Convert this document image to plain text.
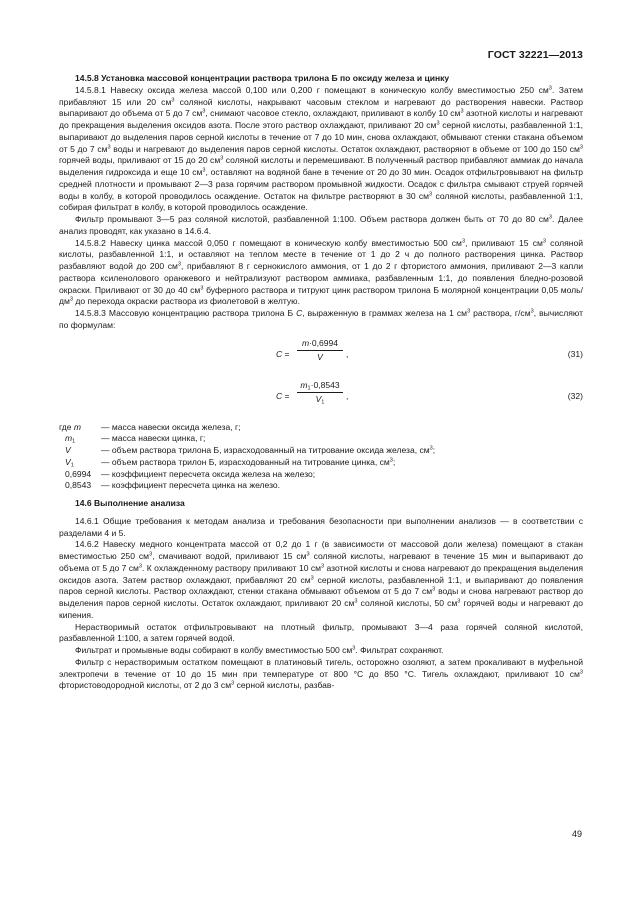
ГОСТ 32221—2013

14.5.8 Установка массовой концентрации раствора трилона Б по оксиду железа и цинку

14.5.8.1 Навеску оксида железа массой 0,100 или 0,200 г помещают в коническую колбу вместимостью 250 $см^3$. Затем прибавляют 15 или 20 $см^3$ соляной кислоты, накрывают часовым стеклом и нагревают до растворения навески. Раствор выпаривают до объема от 5 до 7 $см^3$, снимают часовое стекло, охлаждают, приливают в колбу 10 $см^3$ азотной кислоты и нагревают до прекращения выделения оксидов азота. После этого раствор охлаждают, приливают 20 $см^3$ серной кислоты, разбавленной 1:1, выпаривают до выделения паров серной кислоты в течение от 7 до 10 мин, снова охлаждают, обмывают стенки стакана объемом от 5 до 7 $см^3$ воды и нагревают до выделения паров серной кислоты. Остаток охлаждают, растворяют в объеме от 100 до 150 $см^3$ горячей воды, приливают от 15 до 20 $см^3$ соляной кислоты и перемешивают. В полученный раствор прибавляют аммиак до начала выделения гидроксида и еще 10 $см^3$, оставляют на водяной бане в течение от 20 до 30 мин. Осадок отфильтровывают на фильтр средней плотности и промывают 2—3 раза горячим раствором промывной жидкости. Осадок с фильтра смывают струей горячей воды в колбу, в которой проводилось осаждение. Остаток на фильтре растворяют в 30 $см^3$ соляной кислоты, разбавленной 1:1, собирая фильтрат в колбу, в которой проводилось осаждение.

Фильтр промывают 3—5 раз соляной кислотой, разбавленной 1:100. Объем раствора должен быть от 70 до 80 $см^3$. Далее анализ проводят, как указано в 14.6.4.

14.5.8.2 Навеску цинка массой 0,050 г помещают в коническую колбу вместимостью 500 $см^3$, приливают 15 $см^3$ соляной кислоты, разбавленной 1:1, и оставляют на теплом месте в течение от 1 до 2 ч до полного растворения цинка. Раствор разбавляют водой до 200 $см^3$, прибавляют 8 г сернокислого аммония, от 1 до 2 г фтористого аммония, приливают 2—3 капли раствора ксиленолового оранжевого и нейтрализуют раствором аммиака, разбавленным 1:1, до появления бледно-розовой окраски. Приливают от 30 до 40 $см^3$ буферного раствора и титруют цинк раствором трилона Б молярной концентрации 0,05 моль/$дм^3$ до перехода окраски раствора из фиолетовой в желтую.

14.5.8.3 Массовую концентрацию раствора трилона Б С, выраженную в граммах железа на 1 $см^3$ раствора, $г/см^3$, вычисляют по формулам:

$С = \frac{m\cdot 0,6994}{V}$ ,	(31)
$С = \frac{m_1\cdot 0,8543}{V_1}$ ,	(32)
где m	— масса навески оксида железа, г;
$m_1$	— масса навески цинка, г;
V	— объем раствора трилона Б, израсходованный на титрование оксида железа, $см^3$;
$V_1$	— объем раствора трилон Б, израсходованный на титрование цинка, $см^3$;
0,6994	— коэффициент пересчета оксида железа на железо;
0,8543	— коэффициент пересчета цинка на железо.

14.6 Выполнение анализа

14.6.1 Общие требования к методам анализа и требования безопасности при выполнении анализов — в соответствии с разделами 4 и 5.

14.6.2 Навеску медного концентрата массой от 0,2 до 1 г (в зависимости от массовой доли железа) помещают в стакан вместимостью 250 $см^3$, смачивают водой, приливают 15 $см^3$ соляной кислоты, нагревают в течение 15 мин и выпаривают до объема от 5 до 7 $см^3$. К охлажденному раствору приливают 10 $см^3$ азотной кислоты и снова нагревают до прекращения выделения оксидов азота. Затем раствор охлаждают, прибавляют 20 $см^3$ серной кислоты, разбавленной 1:1, и выпаривают до появления паров серной кислоты. Раствор охлаждают, стенки стакана обмывают объемом от 5 до 7 $см^3$ воды и снова нагревают раствор до выделения паров серной кислоты. Остаток охлаждают, приливают 20 $см^3$ соляной кислоты, 50 $см^3$ горячей воды и нагревают до кипения.

Нерастворимый остаток отфильтровывают на плотный фильтр, промывают 3—4 раза горячей соляной кислотой, разбавленной 1:100, а затем горячей водой.

Фильтрат и промывные воды собирают в колбу вместимостью 500 $см^3$. Фильтрат сохраняют.

Фильтр с нерастворимым остатком помещают в платиновый тигель, осторожно озоляют, а затем прокаливают в муфельной электропечи в течение от 10 до 15 мин при температуре от 800 °С до 850 °С. Тигель охлаждают, приливают 10 $см^3$ фтористоводородной кислоты, от 2 до 3 $см^3$ серной кислоты, разбав-

49
